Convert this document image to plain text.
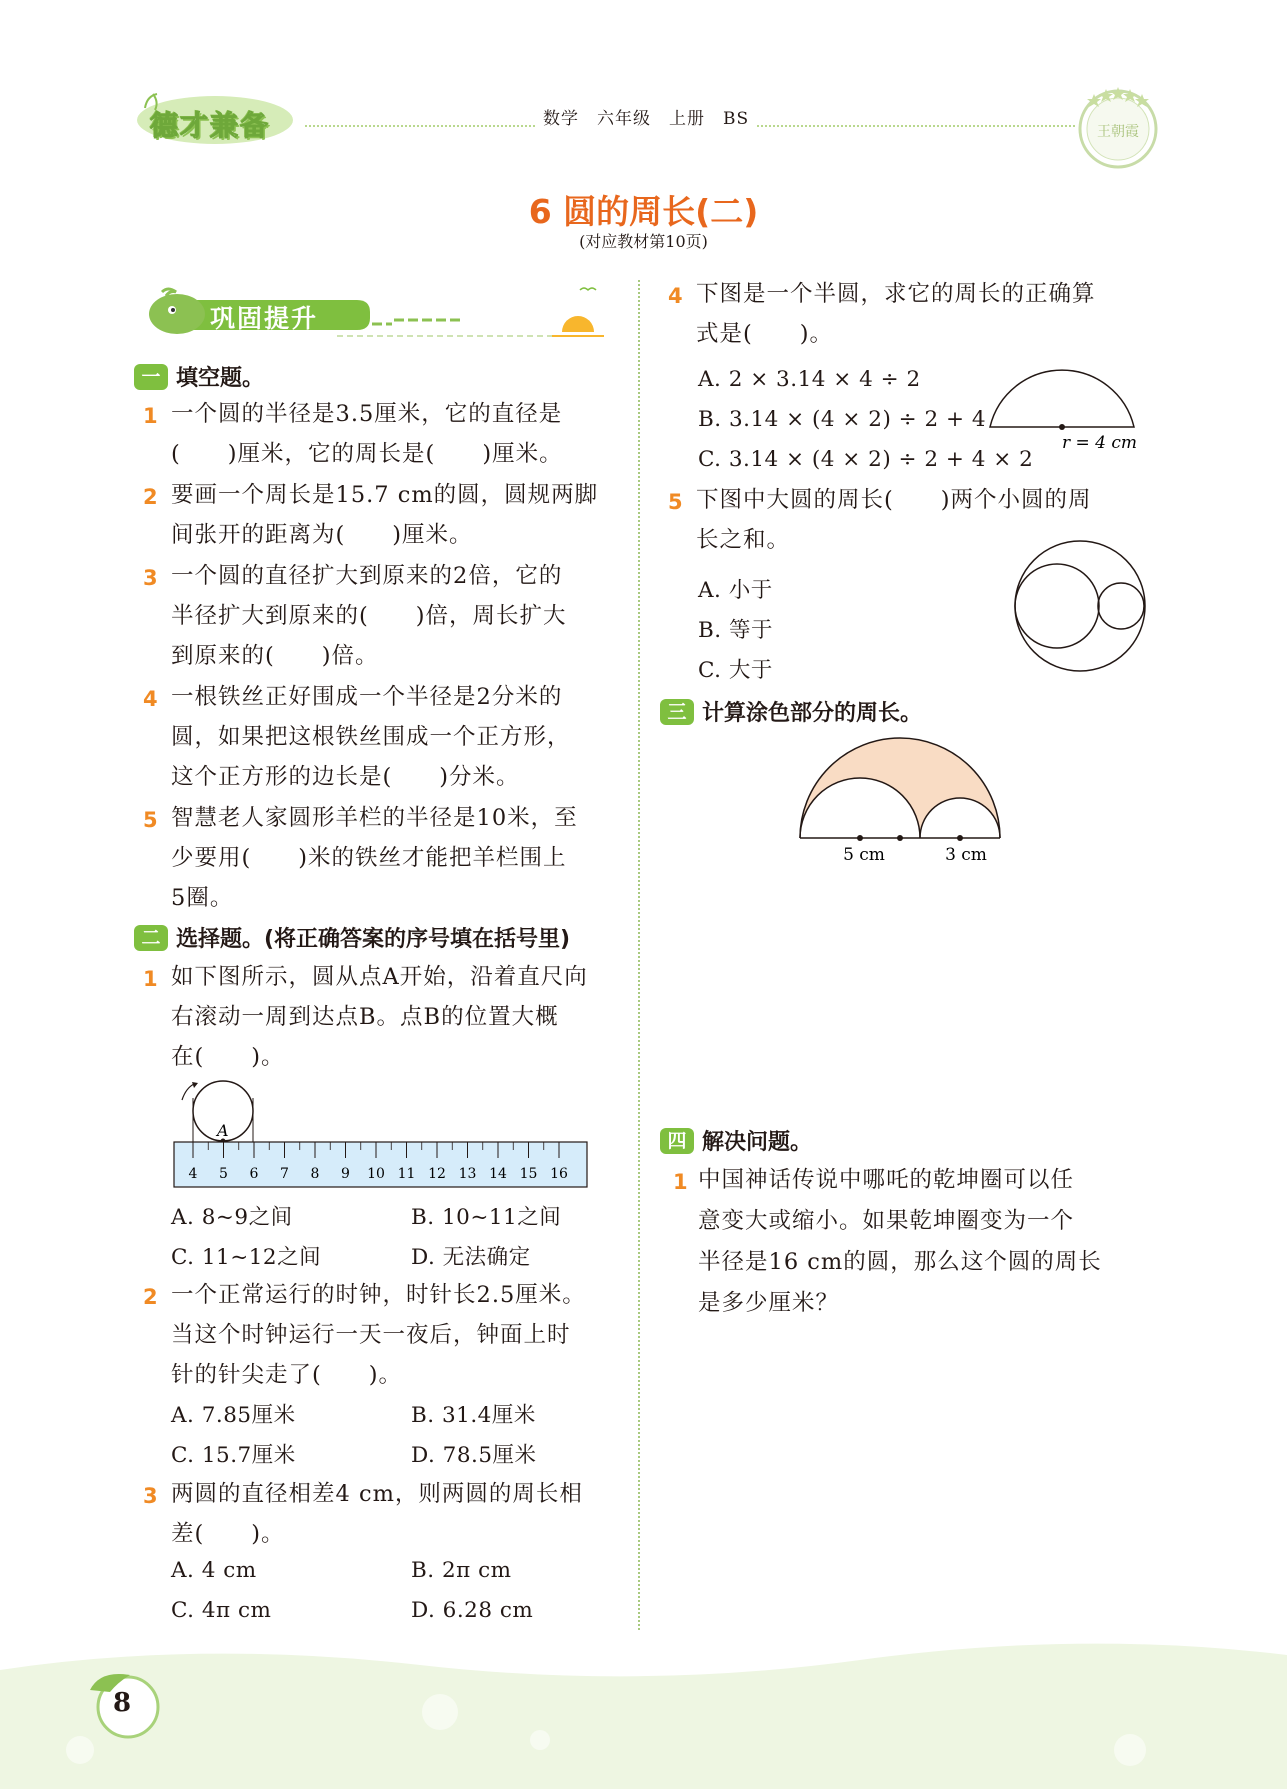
德才兼备	数学　六年级　上册　BS
王朝霞
6 圆的周长(二)
(对应教材第10页)
巩固提升
一 填空题。
1 一个圆的半径是3.5厘米，它的直径是
(　　)厘米，它的周长是(　　)厘米。
2 要画一个周长是15.7 cm的圆，圆规两脚
间张开的距离为(　　)厘米。
3 一个圆的直径扩大到原来的2倍，它的
半径扩大到原来的(　　)倍，周长扩大
到原来的(　　)倍。
4 一根铁丝正好围成一个半径是2分米的
圆，如果把这根铁丝围成一个正方形，
这个正方形的边长是(　　)分米。
5 智慧老人家圆形羊栏的半径是10米，至
少要用(　　)米的铁丝才能把羊栏围上
5圈。
二 选择题。(将正确答案的序号填在括号里)
1 如下图所示，圆从点A开始，沿着直尺向
右滚动一周到达点B。点B的位置大概
在(　　)。
A
4 5 6 7 8 9 10 11 12 13 14 15 16
A. 8~9之间	B. 10~11之间
C. 11~12之间	D. 无法确定
2 一个正常运行的时钟，时针长2.5厘米。
当这个时钟运行一天一夜后，钟面上时
针的针尖走了(　　)。
A. 7.85厘米	B. 31.4厘米
C. 15.7厘米	D. 78.5厘米
3 两圆的直径相差4 cm，则两圆的周长相
差(　　)。
A. 4 cm	B. 2π cm
C. 4π cm	D. 6.28 cm
4 下图是一个半圆，求它的周长的正确算
式是(　　)。
A. 2 × 3.14 × 4 ÷ 2
B. 3.14 × (4 × 2) ÷ 2 + 4
C. 3.14 × (4 × 2) ÷ 2 + 4 × 2
r = 4 cm
5 下图中大圆的周长(　　)两个小圆的周
长之和。
A. 小于
B. 等于
C. 大于
三 计算涂色部分的周长。
5 cm	3 cm
四 解决问题。
1 中国神话传说中哪吒的乾坤圈可以任
意变大或缩小。如果乾坤圈变为一个
半径是16 cm的圆，那么这个圆的周长
是多少厘米？
8
